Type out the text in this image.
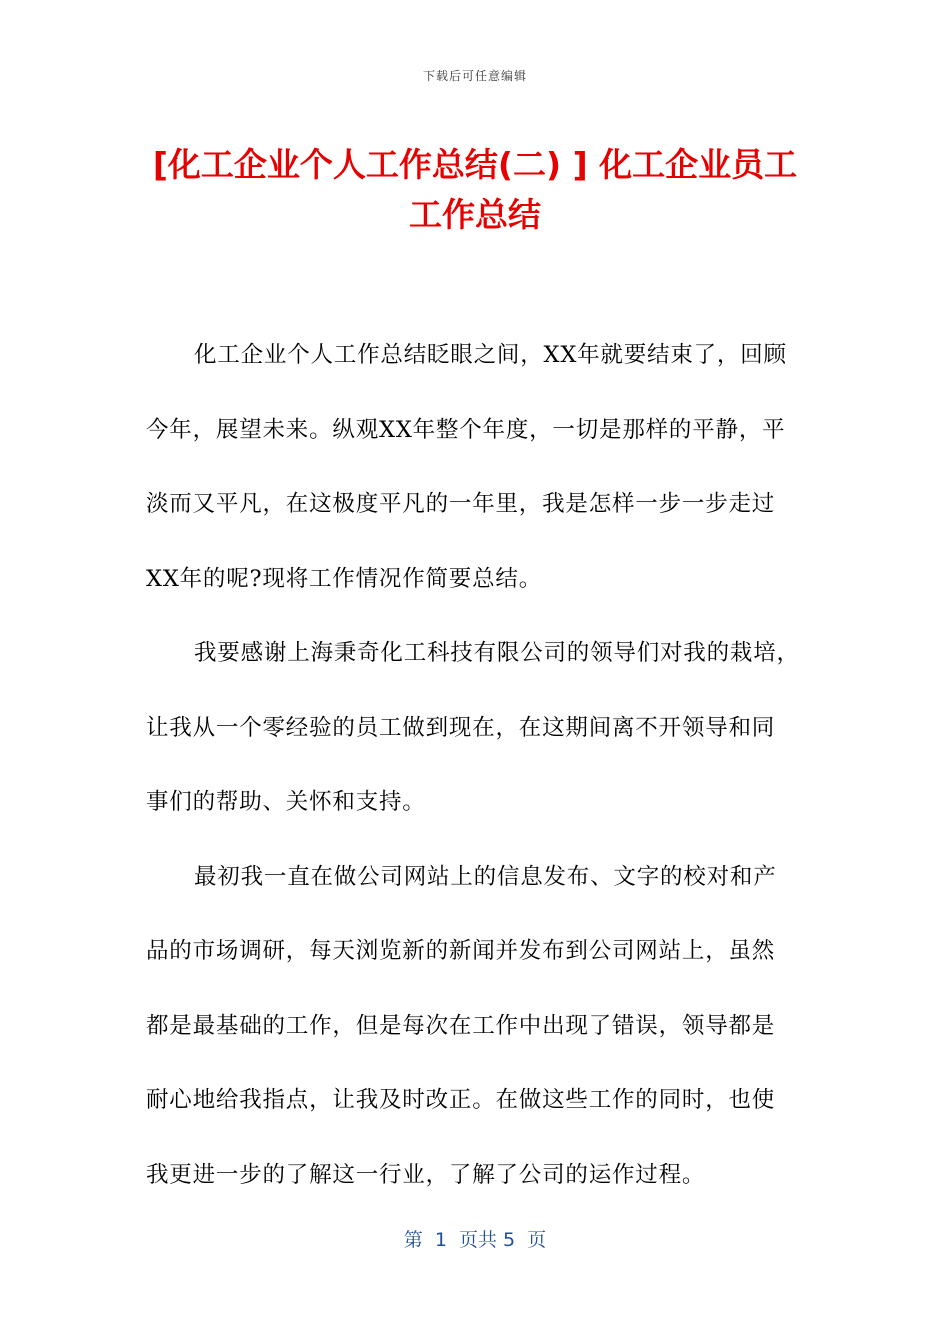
下载后可任意编辑
[化工企业个人工作总结(二) ] 化工企业员工
工作总结
化工企业个人工作总结眨眼之间，XX年就要结束了，回顾
今年，展望未来。纵观XX年整个年度，一切是那样的平静，平
淡而又平凡，在这极度平凡的一年里，我是怎样一步一步走过
XX年的呢?现将工作情况作简要总结。
我要感谢上海秉奇化工科技有限公司的领导们对我的栽培，
让我从一个零经验的员工做到现在，在这期间离不开领导和同
事们的帮助、关怀和支持。
最初我一直在做公司网站上的信息发布、文字的校对和产
品的市场调研，每天浏览新的新闻并发布到公司网站上，虽然
都是最基础的工作，但是每次在工作中出现了错误，领导都是
耐心地给我指点，让我及时改正。在做这些工作的同时，也使
我更进一步的了解这一行业，了解了公司的运作过程。
第  1  页共 5  页
